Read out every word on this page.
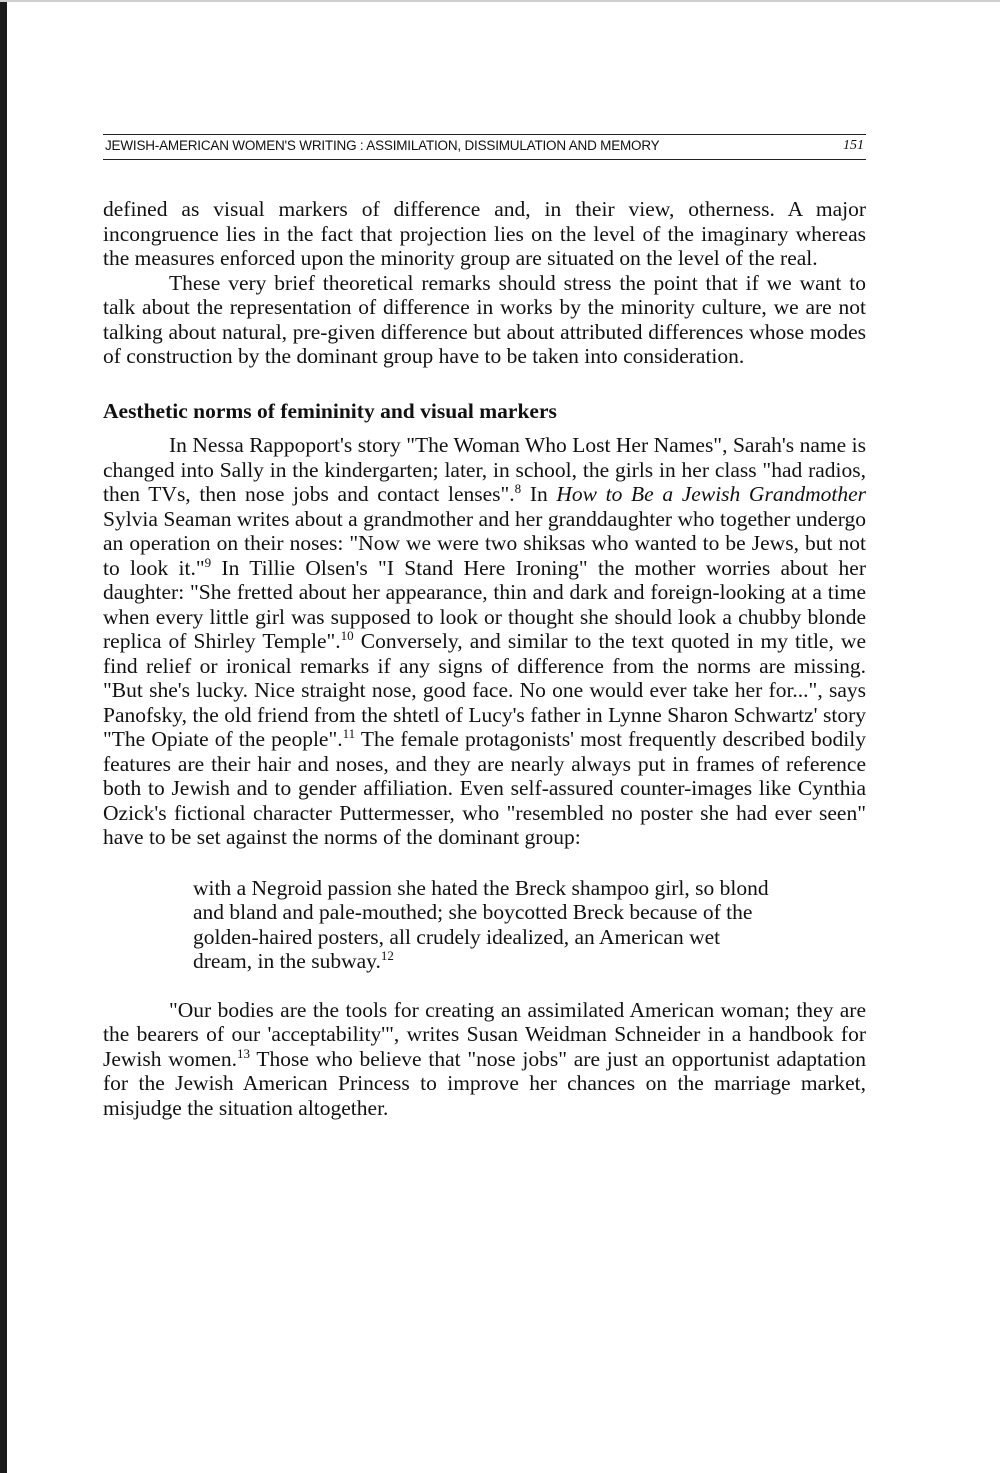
JEWISH-AMERICAN WOMEN'S WRITING : ASSIMILATION, DISSIMULATION AND MEMORY	151

defined as visual markers of difference and, in their view, otherness. A major incongruence lies in the fact that projection lies on the level of the imaginary whereas the measures enforced upon the minority group are situated on the level of the real.

These very brief theoretical remarks should stress the point that if we want to talk about the representation of difference in works by the minority culture, we are not talking about natural, pre-given difference but about attributed differences whose modes of construction by the dominant group have to be taken into consideration.

Aesthetic norms of femininity and visual markers

In Nessa Rappoport's story "The Woman Who Lost Her Names", Sarah's name is changed into Sally in the kindergarten; later, in school, the girls in her class "had radios, then TVs, then nose jobs and contact lenses".$^8$ In How to Be a Jewish Grandmother Sylvia Seaman writes about a grandmother and her granddaughter who together undergo an operation on their noses: "Now we were two shiksas who wanted to be Jews, but not to look it."$^9$ In Tillie Olsen's "I Stand Here Ironing" the mother worries about her daughter: "She fretted about her appearance, thin and dark and foreign-looking at a time when every little girl was supposed to look or thought she should look a chubby blonde replica of Shirley Temple".$^{10}$ Conversely, and similar to the text quoted in my title, we find relief or ironical remarks if any signs of difference from the norms are missing. "But she's lucky. Nice straight nose, good face. No one would ever take her for...", says Panofsky, the old friend from the shtetl of Lucy's father in Lynne Sharon Schwartz' story "The Opiate of the people".$^{11}$ The female protagonists' most frequently described bodily features are their hair and noses, and they are nearly always put in frames of reference both to Jewish and to gender affiliation. Even self-assured counter-images like Cynthia Ozick's fictional character Puttermesser, who "resembled no poster she had ever seen" have to be set against the norms of the dominant group:

with a Negroid passion she hated the Breck shampoo girl, so blond and bland and pale-mouthed; she boycotted Breck because of the golden-haired posters, all crudely idealized, an American wet dream, in the subway.$^{12}$

"Our bodies are the tools for creating an assimilated American woman; they are the bearers of our 'acceptability'", writes Susan Weidman Schneider in a handbook for Jewish women.$^{13}$ Those who believe that "nose jobs" are just an opportunist adaptation for the Jewish American Princess to improve her chances on the marriage market, misjudge the situation altogether.
